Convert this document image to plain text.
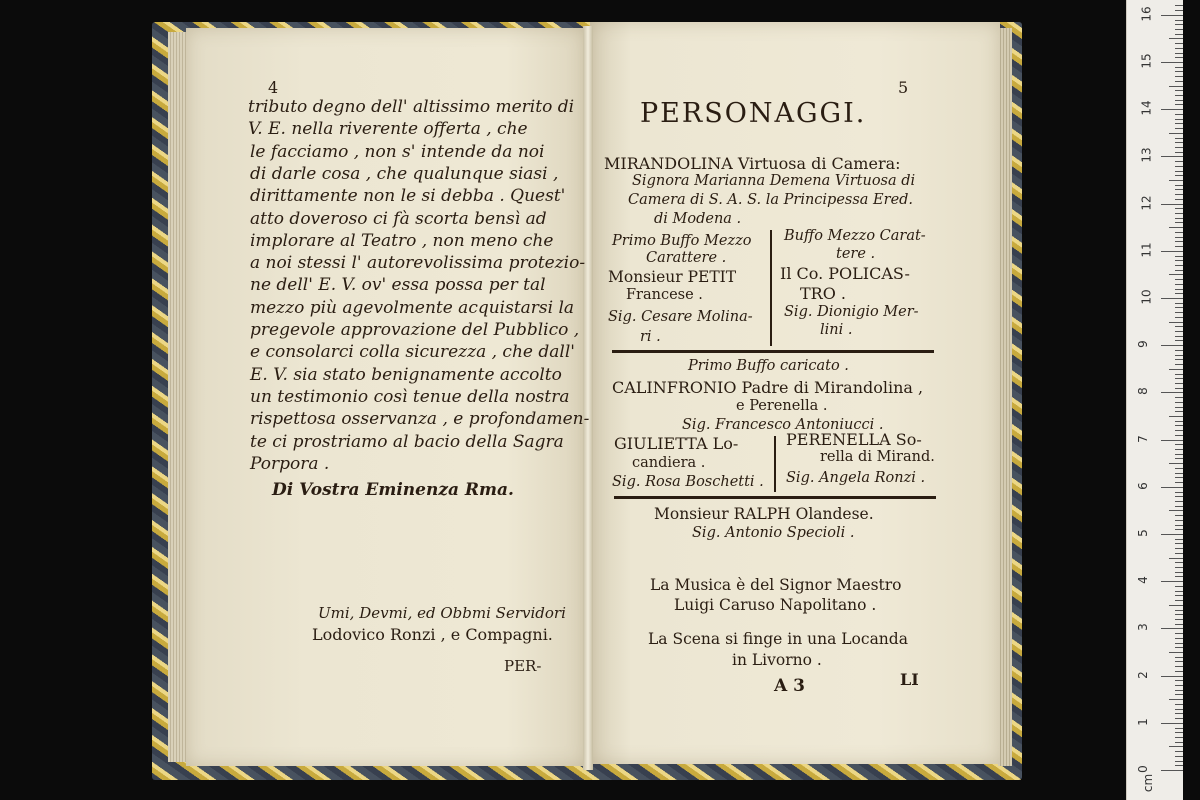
4
tributo degno dell' altissimo merito di
V. E. nella riverente offerta , che
le facciamo , non s' intende da noi
di darle cosa , che qualunque siasi ,
dirittamente non le si debba . Quest'
atto doveroso ci fà scorta bensì ad
implorare al Teatro , non meno che
a noi stessi l' autorevolissima protezio-
ne dell' E. V. ov' essa possa per tal
mezzo più agevolmente acquistarsi la
pregevole approvazione del Pubblico ,
e consolarci colla sicurezza , che dall'
E. V. sia stato benignamente accolto
un testimonio così tenue della nostra
rispettosa osservanza , e profondamen-
te ci prostriamo al bacio della Sagra
Porpora .
Di Vostra Eminenza Rma.
Umi, Devmi, ed Obbmi Servidori
Lodovico Ronzi , e Compagni.
PER-
5
PERSONAGGI.
MIRANDOLINA Virtuosa di Camera:
Signora Marianna Demena Virtuosa di
Camera di S. A. S. la Principessa Ered.
di Modena .
Primo Buffo Mezzo
Carattere .
Monsieur PETIT
Francese .
Sig. Cesare Molina-
ri .
Buffo Mezzo Carat-
tere .
Il Co. POLICAS-
TRO .
Sig. Dionigio Mer-
lini .
Primo Buffo caricato .
CALINFRONIO Padre di Mirandolina ,
e Perenella .
Sig. Francesco Antoniucci .
GIULIETTA Lo-
candiera .
Sig. Rosa Boschetti .
PERENELLA So-
rella di Mirand.
Sig. Angela Ronzi .
Monsieur RALPH Olandese.
Sig. Antonio Specioli .
La Musica è del Signor Maestro
Luigi Caruso Napolitano .
La Scena si finge in una Locanda
in Livorno .
A 3	LI
0
1
2
3
4
5
6
7
8
9
10
11
12
13
14
15
16
cm
